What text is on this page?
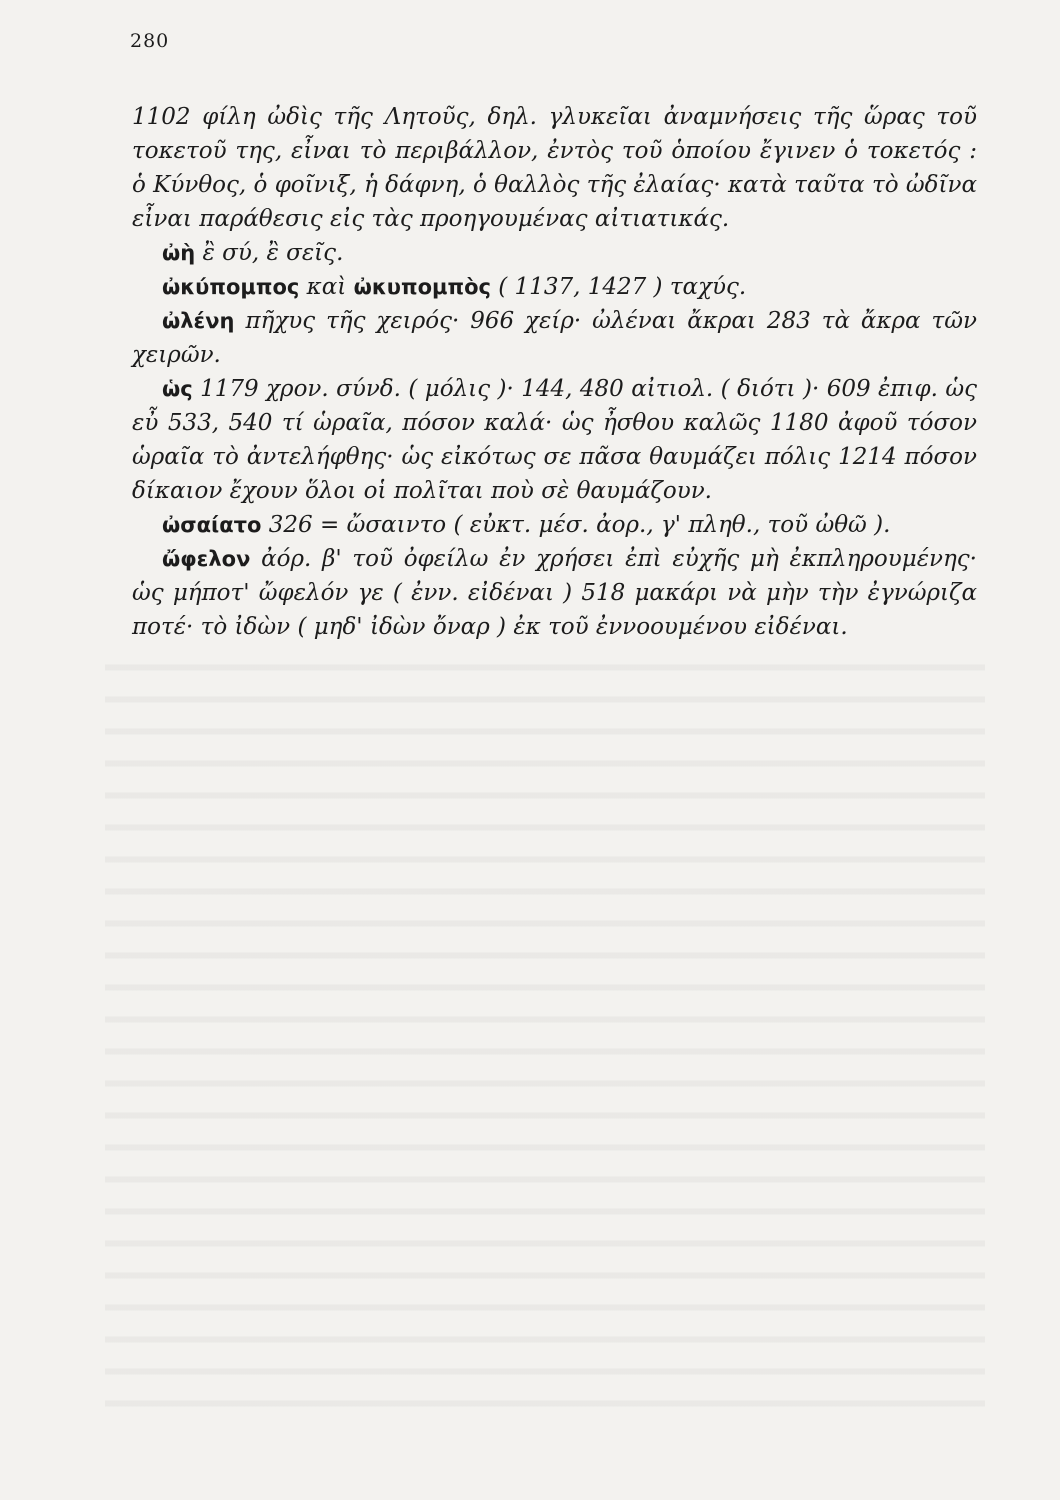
280

1102 φίλη ὠδὶς τῆς Λητοῦς, δηλ. γλυκεῖαι ἀναμνήσεις τῆς ὥρας τοῦ τοκετοῦ της, εἶναι τὸ περιβάλλον, ἐντὸς τοῦ ὁποίου ἔγινεν ὁ τοκετός : ὁ Κύνθος, ὁ φοῖνιξ, ἡ δάφνη, ὁ θαλλὸς τῆς ἐλαίας· κατὰ ταῦτα τὸ ὠδῖνα εἶναι παράθεσις εἰς τὰς προηγουμένας αἰτιατικάς.

ὠὴ ἒ σύ, ἒ σεῖς.

ὠκύπομπος καὶ ὠκυπομπὸς ( 1137, 1427 ) ταχύς.

ὠλένη πῆχυς τῆς χειρός· 966 χείρ· ὠλέναι ἄκραι 283 τὰ ἄκρα τῶν χειρῶν.

ὡς 1179 χρον. σύνδ. ( μόλις )· 144, 480 αἰτιολ. ( διότι )· 609 ἐπιφ. ὡς εὖ 533, 540 τί ὡραῖα, πόσον καλά· ὡς ἦσθου καλῶς 1180 ἀφοῦ τόσον ὡραῖα τὸ ἀντελήφθης· ὡς εἰκότως σε πᾶσα θαυμάζει πόλις 1214 πόσον δίκαιον ἔχουν ὅλοι οἱ πολῖται ποὺ σὲ θαυμάζουν.

ὠσαίατο 326 = ὤσαιντο ( εὐκτ. μέσ. ἀορ., γ' πληθ., τοῦ ὠθῶ ).

ὤφελον ἀόρ. β' τοῦ ὀφείλω ἐν χρήσει ἐπὶ εὐχῆς μὴ ἐκπληρουμένης· ὡς μήποτ' ὤφελόν γε ( ἐνν. εἰδέναι ) 518 μακάρι νὰ μὴν τὴν ἐγνώριζα ποτέ· τὸ ἰδὼν ( μηδ' ἰδὼν ὄναρ ) ἐκ τοῦ ἐννοουμένου εἰδέναι.
